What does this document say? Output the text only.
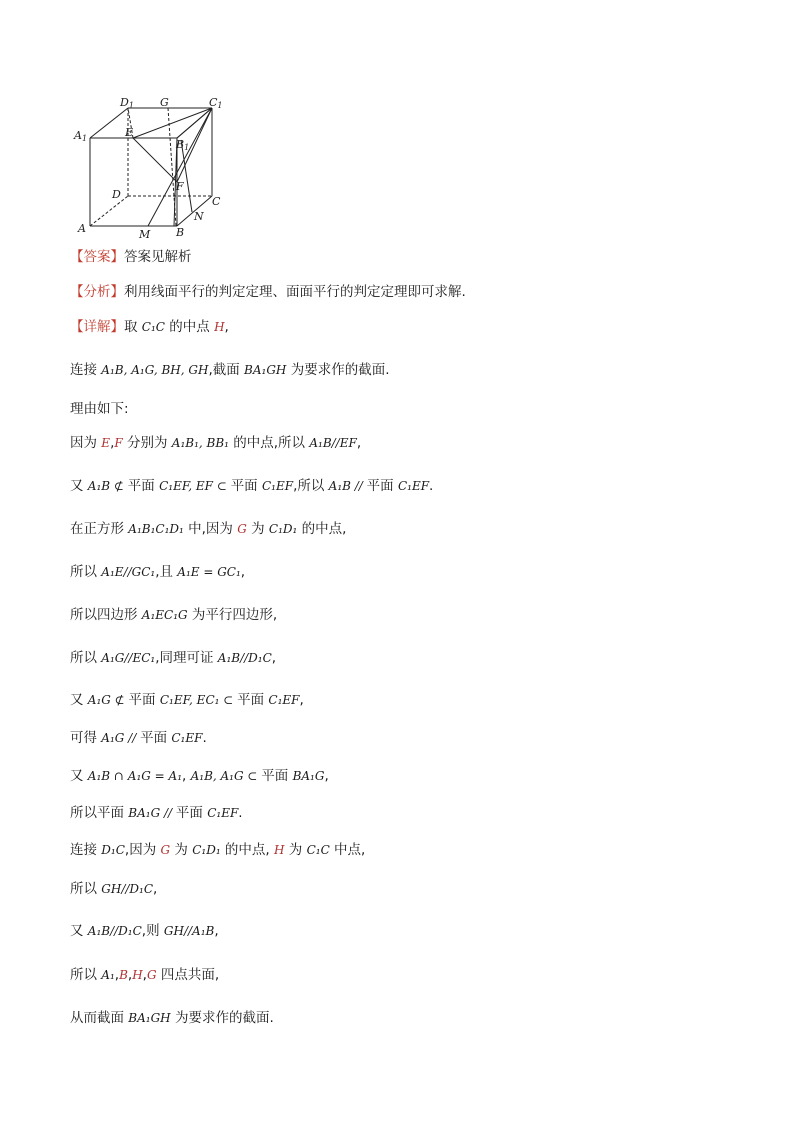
D1 G	C1
A1	E
B1
F
D
C
N
A	M B
【答案】答案见解析
【分析】利用线面平行的判定定理、面面平行的判定定理即可求解.
【详解】取 C₁C 的中点 H,
连接 A₁B, A₁G, BH, GH,截面 BA₁GH 为要求作的截面.
理由如下:
因为 E,F 分别为 A₁B₁, BB₁ 的中点,所以 A₁B//EF,
又 A₁B ⊄ 平面 C₁EF, EF ⊂ 平面 C₁EF,所以 A₁B // 平面 C₁EF.
在正方形 A₁B₁C₁D₁ 中,因为 G 为 C₁D₁ 的中点,
所以 A₁E//GC₁,且 A₁E = GC₁,
所以四边形 A₁EC₁G 为平行四边形,
所以 A₁G//EC₁,同理可证 A₁B//D₁C,
又 A₁G ⊄ 平面 C₁EF, EC₁ ⊂ 平面 C₁EF,
可得 A₁G // 平面 C₁EF.
又 A₁B ∩ A₁G = A₁, A₁B, A₁G ⊂ 平面 BA₁G,
所以平面 BA₁G // 平面 C₁EF.
连接 D₁C,因为 G 为 C₁D₁ 的中点, H 为 C₁C 中点,
所以 GH//D₁C,
又 A₁B//D₁C,则 GH//A₁B,
所以 A₁,B,H,G 四点共面,
从而截面 BA₁GH 为要求作的截面.
